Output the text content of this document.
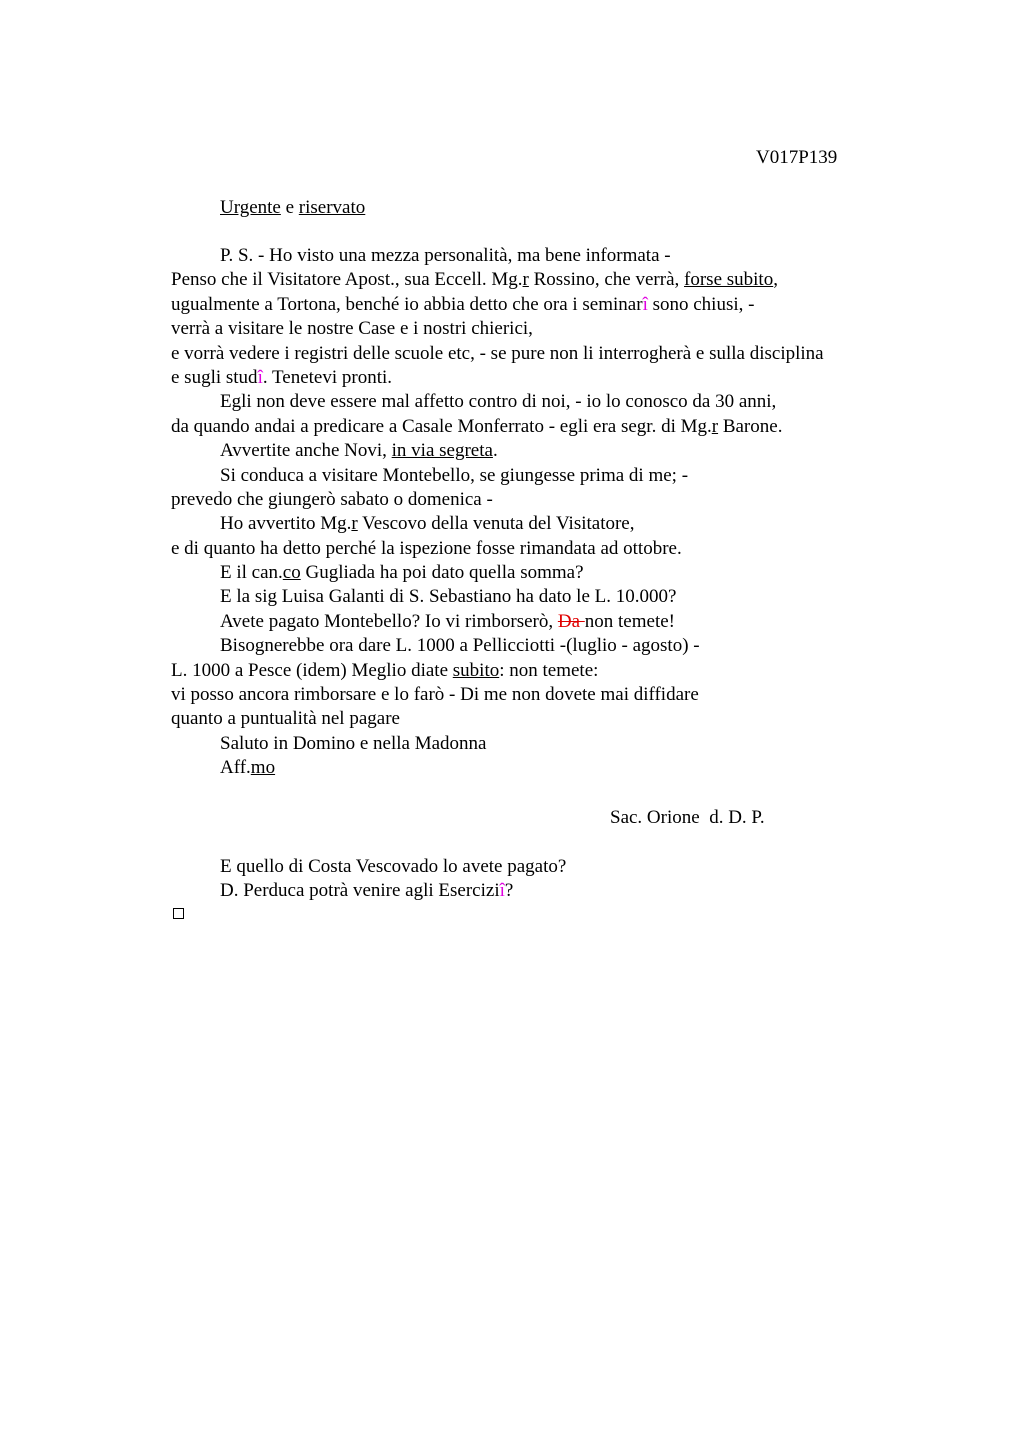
V017P139
Urgente e riservato
P. S. - Ho visto una mezza personalità, ma bene informata -
Penso che il Visitatore Apost., sua Eccell. Mg.r Rossino, che verrà, forse subito,
ugualmente a Tortona, benché io abbia detto che ora i seminarî sono chiusi, -
verrà a visitare le nostre Case e i nostri chierici,
e vorrà vedere i registri delle scuole etc, - se pure non li interrogherà e sulla disciplina
e sugli studî. Tenetevi pronti.
Egli non deve essere mal affetto contro di noi, - io lo conosco da 30 anni,
da quando andai a predicare a Casale Monferrato - egli era segr. di Mg.r Barone.
Avvertite anche Novi, in via segreta.
Si conduca a visitare Montebello, se giungesse prima di me; -
prevedo che giungerò sabato o domenica -
Ho avvertito Mg.r Vescovo della venuta del Visitatore,
e di quanto ha detto perché la ispezione fosse rimandata ad ottobre.
E il can.co Gugliada ha poi dato quella somma?
E la sig Luisa Galanti di S. Sebastiano ha dato le L. 10.000?
Avete pagato Montebello? Io vi rimborserò, Da non temete!
Bisognerebbe ora dare L. 1000 a Pellicciotti -(luglio - agosto) -
L. 1000 a Pesce (idem) Meglio diate subito: non temete:
vi posso ancora rimborsare e lo farò - Di me non dovete mai diffidare
quanto a puntualità nel pagare
Saluto in Domino e nella Madonna
Aff.mo
Sac. Orione  d. D. P.
E quello di Costa Vescovado lo avete pagato?
D. Perduca potrà venire agli Eserciziî?
